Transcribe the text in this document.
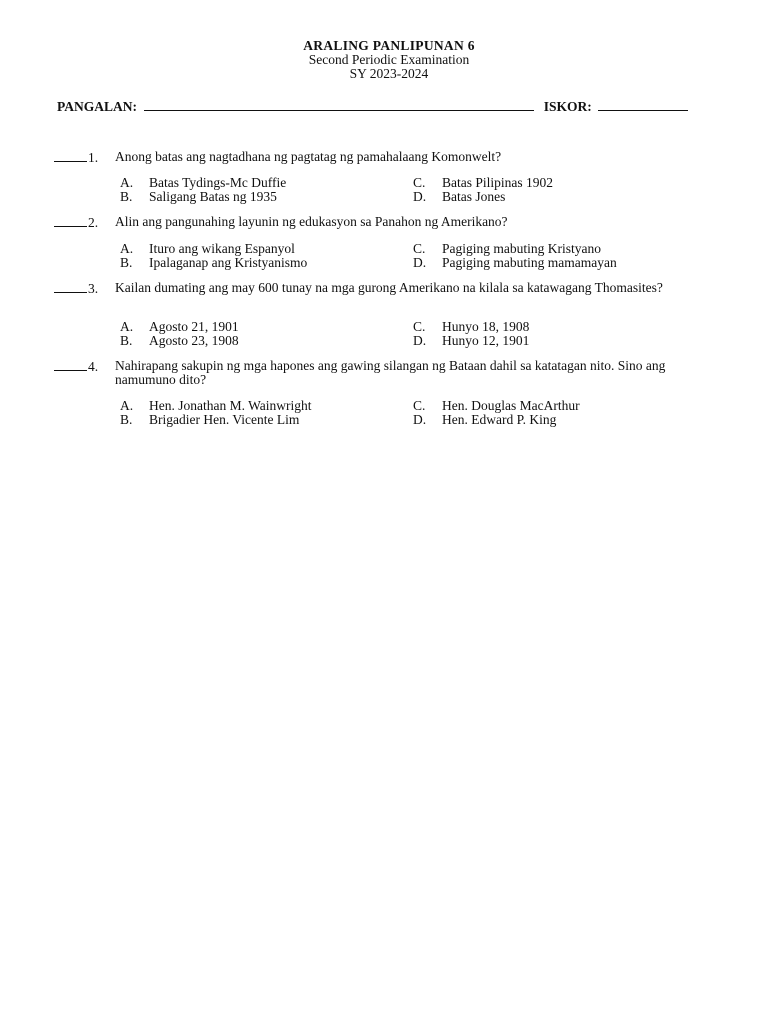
ARALING PANLIPUNAN 6
Second Periodic Examination
SY 2023-2024
PANGALAN:	ISKOR:
1. Anong batas ang nagtadhana ng pagtatag ng pamahalaang Komonwelt?
A. Batas Tydings-Mc Duffie
B. Saligang Batas ng 1935
C. Batas Pilipinas 1902
D. Batas Jones
2. Alin ang pangunahing layunin ng edukasyon sa Panahon ng Amerikano?
A. Ituro ang wikang Espanyol
B. Ipalaganap ang Kristyanismo
C. Pagiging mabuting Kristyano
D. Pagiging mabuting mamamayan
3. Kailan dumating ang may 600 tunay na mga gurong Amerikano na kilala sa katawagang Thomasites?
A. Agosto 21, 1901
B. Agosto 23, 1908
C. Hunyo 18, 1908
D. Hunyo 12, 1901
4. Nahirapang sakupin ng mga hapones ang gawing silangan ng Bataan dahil sa katatagan nito. Sino ang namumuno dito?
A. Hen. Jonathan M. Wainwright
B. Brigadier Hen. Vicente Lim
C. Hen. Douglas MacArthur
D. Hen. Edward P. King
